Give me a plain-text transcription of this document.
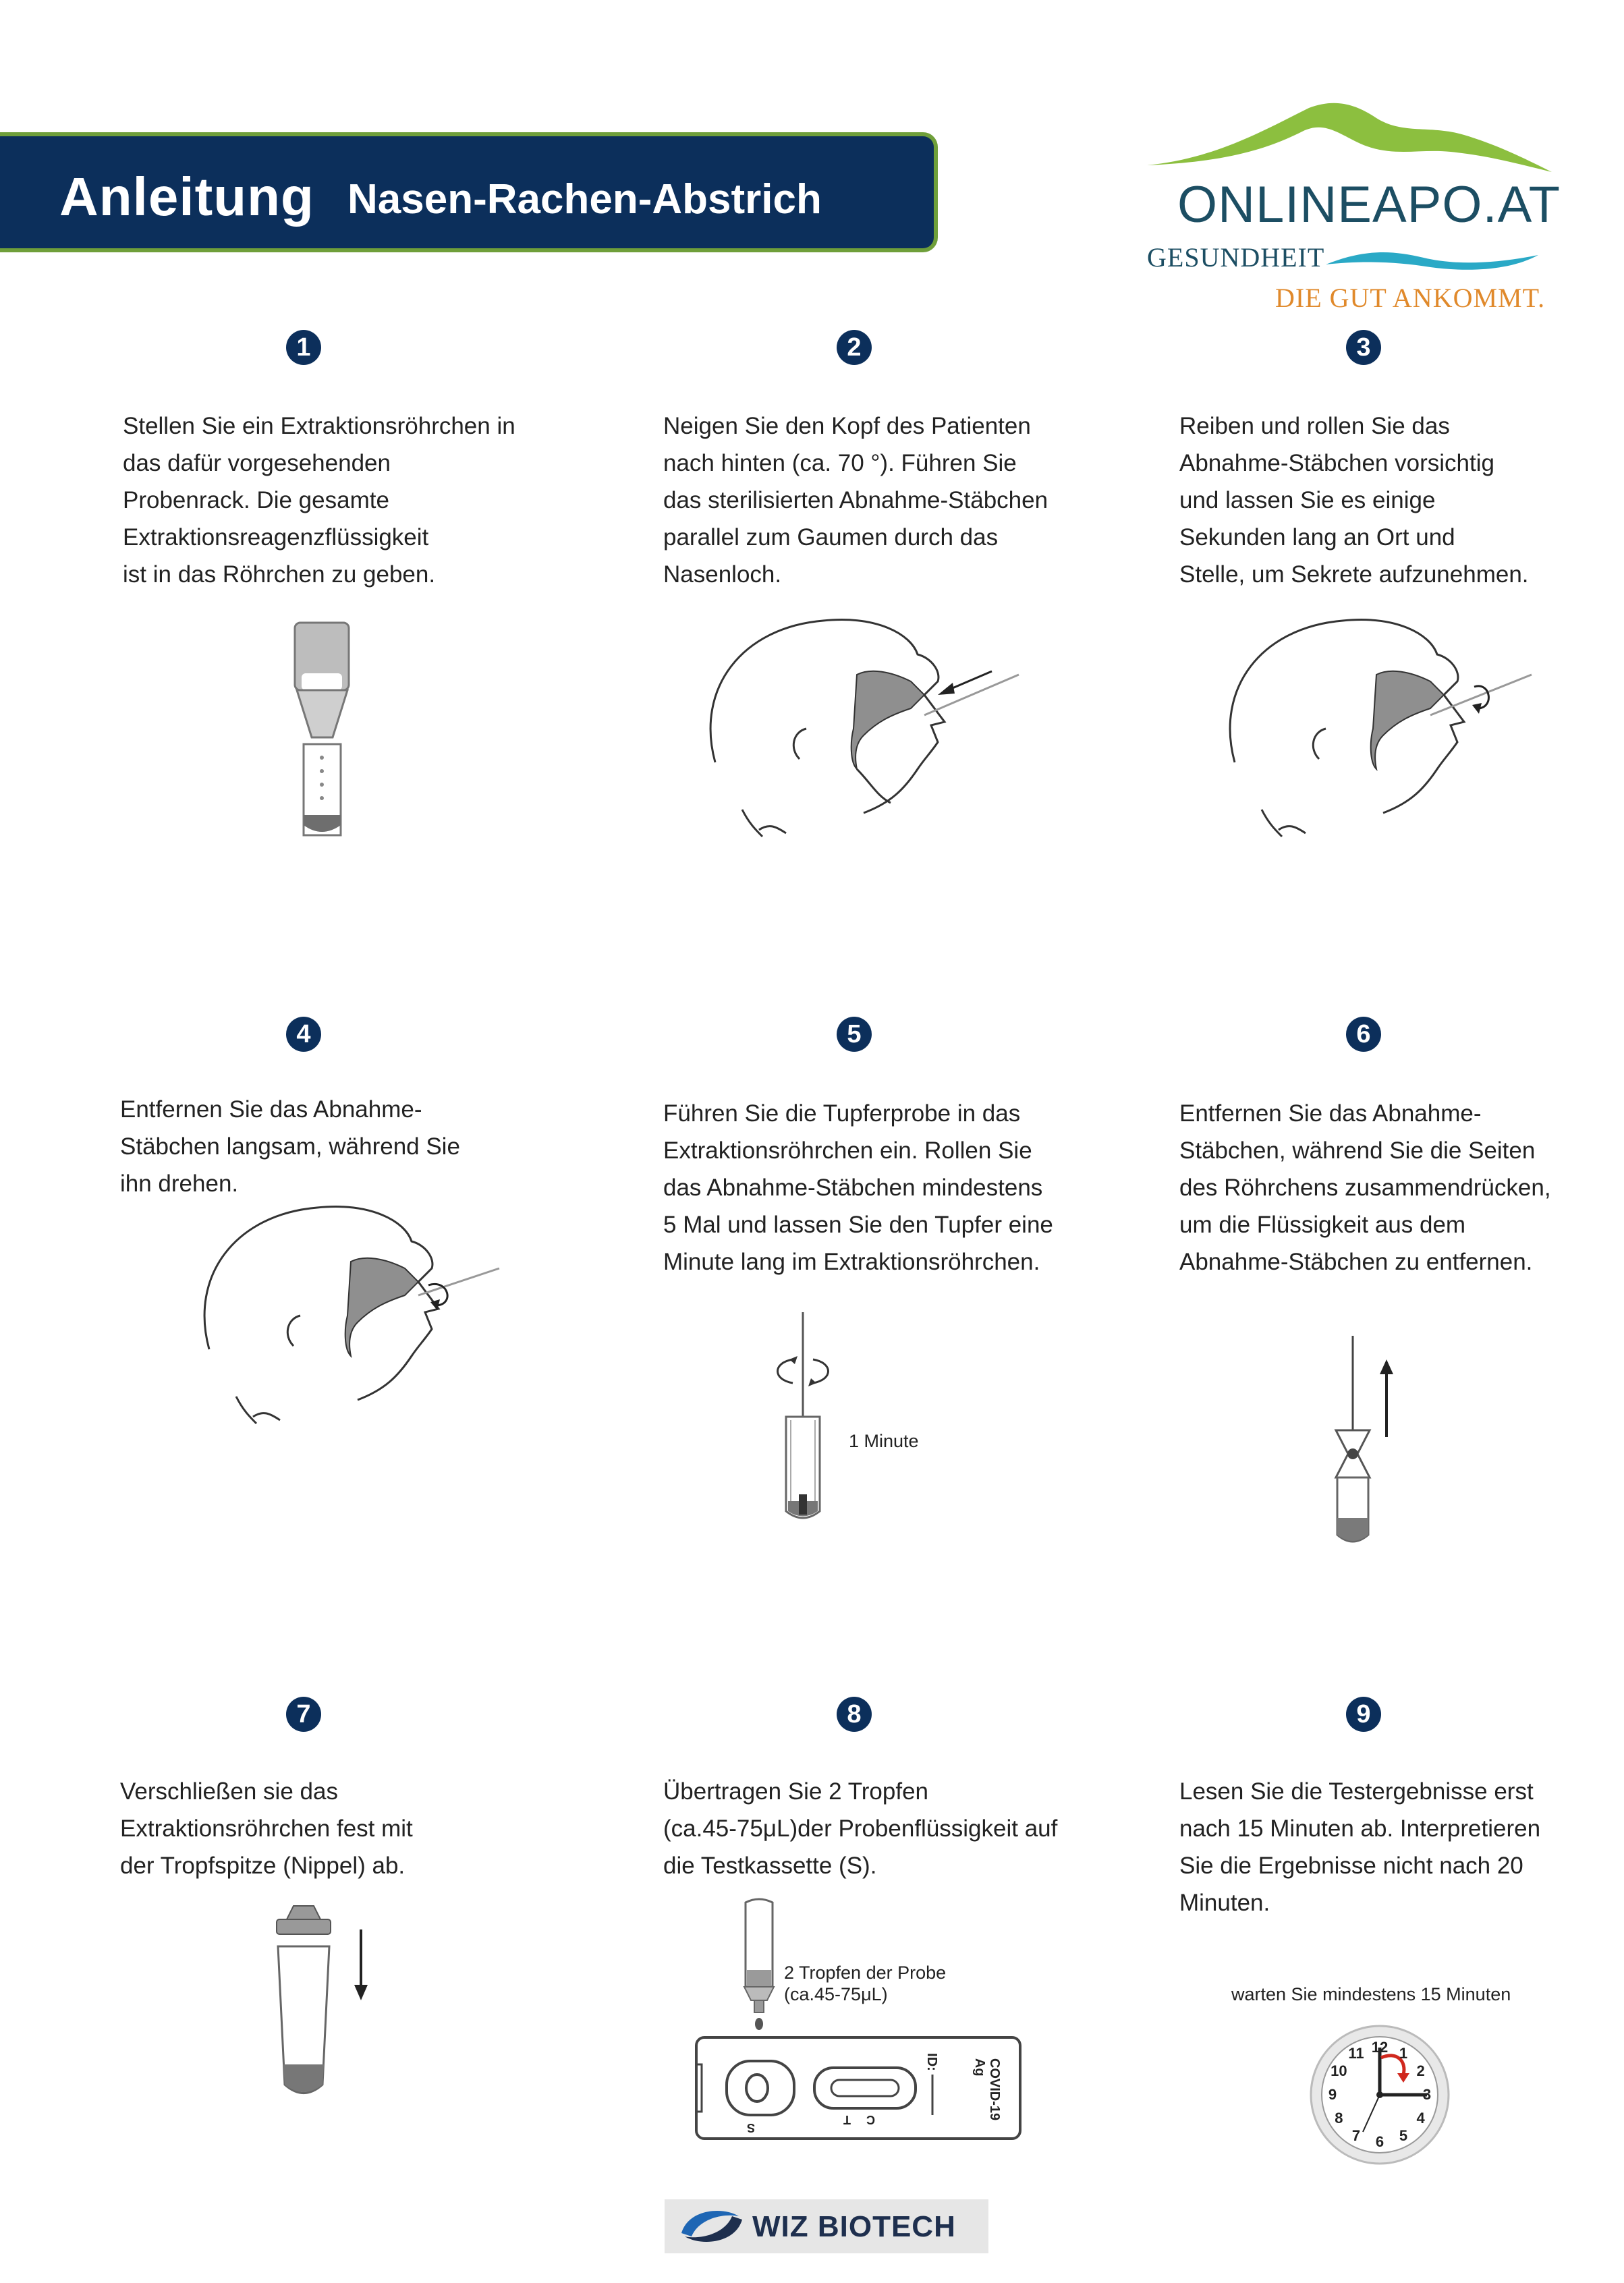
Anleitung Nasen-Rachen-Abstrich	ONLINEAPO.AT
GESUNDHEIT
DIE GUT ANKOMMT.
1
Stellen Sie ein Extraktionsröhrchen in
das dafür vorgesehenden
Probenrack. Die gesamte
Extraktionsreagenzflüssigkeit
ist in das Röhrchen zu geben.
2
Neigen Sie den Kopf des Patienten
nach hinten (ca. 70 °). Führen Sie
das sterilisierten Abnahme-Stäbchen
parallel zum Gaumen durch das
Nasenloch.
3
Reiben und rollen Sie das
Abnahme-Stäbchen vorsichtig
und lassen Sie es einige
Sekunden lang an Ort und
Stelle, um Sekrete aufzunehmen.
4
Entfernen Sie das Abnahme-
Stäbchen langsam, während Sie
ihn drehen.
5
Führen Sie die Tupferprobe in das
Extraktionsröhrchen ein. Rollen Sie
das Abnahme-Stäbchen mindestens
5 Mal und lassen Sie den Tupfer eine
Minute lang im Extraktionsröhrchen.
1 Minute
6
Entfernen Sie das Abnahme-
Stäbchen, während Sie die Seiten
des Röhrchens zusammendrücken,
um die Flüssigkeit aus dem
Abnahme-Stäbchen zu entfernen.
7
Verschließen sie das
Extraktionsröhrchen fest mit
der Tropfspitze (Nippel) ab.
8
Übertragen Sie 2 Tropfen
(ca.45-75μL)der Probenflüssigkeit auf
die Testkassette (S).
2 Tropfen der Probe
(ca.45-75μL)
S
T C
ID:	COVID-19
Ag
9
Lesen Sie die Testergebnisse erst
nach 15 Minuten ab. Interpretieren
Sie die Ergebnisse nicht nach 20
Minuten.
warten Sie mindestens 15 Minuten
12 1
2
3
4
5
6
7
8
9
10
11
WIZ BIOTECH
